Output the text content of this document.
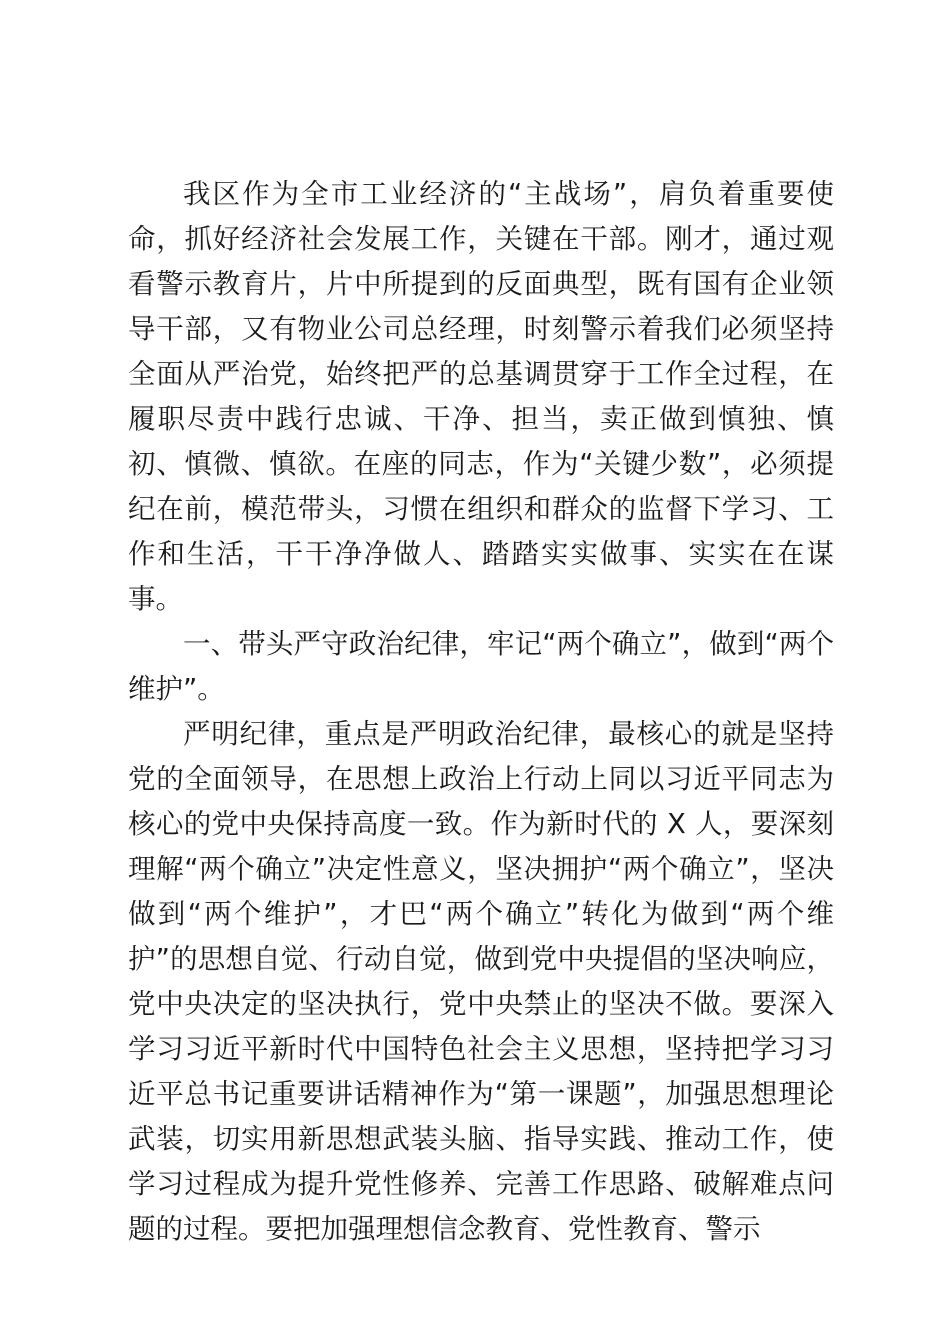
我区作为全市工业经济的“主战场”，肩负着重要使命，抓好经济社会发展工作，关键在干部。刚才，通过观看警示教育片，片中所提到的反面典型，既有国有企业领导干部，又有物业公司总经理，时刻警示着我们必须坚持全面从严治党，始终把严的总基调贯穿于工作全过程，在履职尽责中践行忠诚、干净、担当，卖正做到慎独、慎初、慎微、慎欲。在座的同志，作为“关键少数”，必须提纪在前，模范带头，习惯在组织和群众的监督下学习、工作和生活，干干净净做人、踏踏实实做事、实实在在谋事。

一、带头严守政治纪律，牢记“两个确立”，做到“两个维护”。

严明纪律，重点是严明政治纪律，最核心的就是坚持党的全面领导，在思想上政治上行动上同以习近平同志为核心的党中央保持高度一致。作为新时代的 X 人，要深刻理解“两个确立”决定性意义，坚决拥护“两个确立”，坚决做到“两个维护”，才巴“两个确立”转化为做到“两个维护”的思想自觉、行动自觉，做到党中央提倡的坚决响应，党中央决定的坚决执行，党中央禁止的坚决不做。要深入学习习近平新时代中国特色社会主义思想，坚持把学习习近平总书记重要讲话精神作为“第一课题”，加强思想理论武装，切实用新思想武装头脑、指导实践、推动工作，使学习过程成为提升党性修养、完善工作思路、破解难点问题的过程。要把加强理想信念教育、党性教育、警示
